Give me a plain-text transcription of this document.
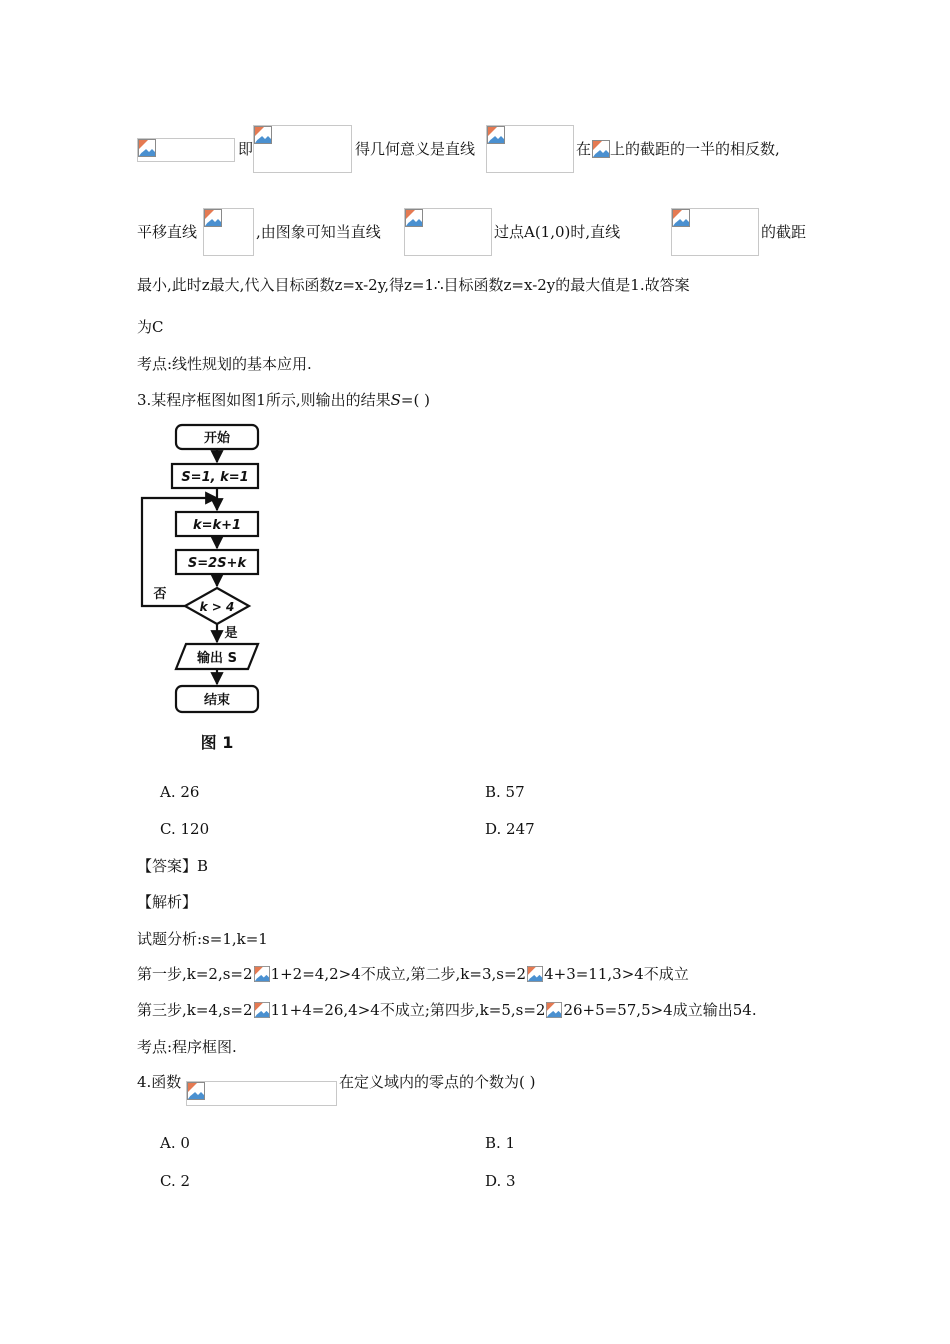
即	得几何意义是直线	在 上的截距的一半的相反数,
平移直线	,由图象可知当直线	过点A(1,0)时,直线	的截距
最小,此时z最大,代入目标函数z=x-2y,得z=1∴目标函数z=x-2y的最大值是1.故答案
为C
考点:线性规划的基本应用.
3.某程序框图如图1所示,则输出的结果S=( )
开始
S=1, k=1
k=k+1
S=2S+k
k > 4
否
是
输出 S
结束
图 1
A. 26	B. 57
C. 120	D. 247
【答案】B
【解析】
试题分析:s=1,k=1
第一步,k=2,s=2 1+2=4,2>4不成立,第二步,k=3,s=2 4+3=11,3>4不成立
第三步,k=4,s=2 11+4=26,4>4不成立;第四步,k=5,s=2 26+5=57,5>4成立输出54.
考点:程序框图.
4.函数	在定义域内的零点的个数为( )
A. 0	B. 1
C. 2	D. 3
